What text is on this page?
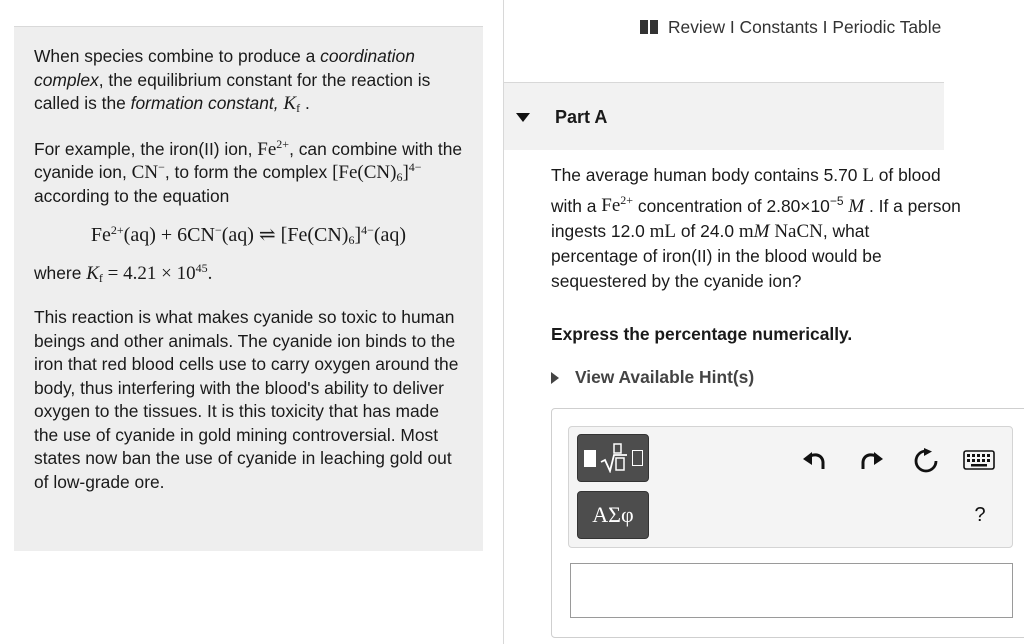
When species combine to produce a coordination complex, the equilibrium constant for the reaction is called is the formation constant, $K_f$ .

For example, the iron(II) ion, $Fe^{2+}$, can combine with the cyanide ion, CN−, to form the complex $[Fe(CN)_6]^{4-}$ according to the equation

$Fe^{2+}(aq) + 6CN^-(aq)$ ⇌ $[Fe(CN)_6]^{4-}(aq)$

where $K_f = 4.21 \times 10^{45}$.

This reaction is what makes cyanide so toxic to human beings and other animals. The cyanide ion binds to the iron that red blood cells use to carry oxygen around the body, thus interfering with the blood's ability to deliver oxygen to the tissues. It is this toxicity that has made the use of cyanide in gold mining controversial. Most states now ban the use of cyanide in leaching gold out of low-grade ore.

Review I Constants I Periodic Table
Part A
The average human body contains 5.70 L of blood with a $Fe^{2+}$ concentration of $2.80\times 10^{-5}$ M . If a person ingests 12.0 mL of 24.0 mM NaCN, what percentage of iron(II) in the blood would be sequestered by the cyanide ion?
Express the percentage numerically.
View Available Hint(s)
ΑΣφ	?
